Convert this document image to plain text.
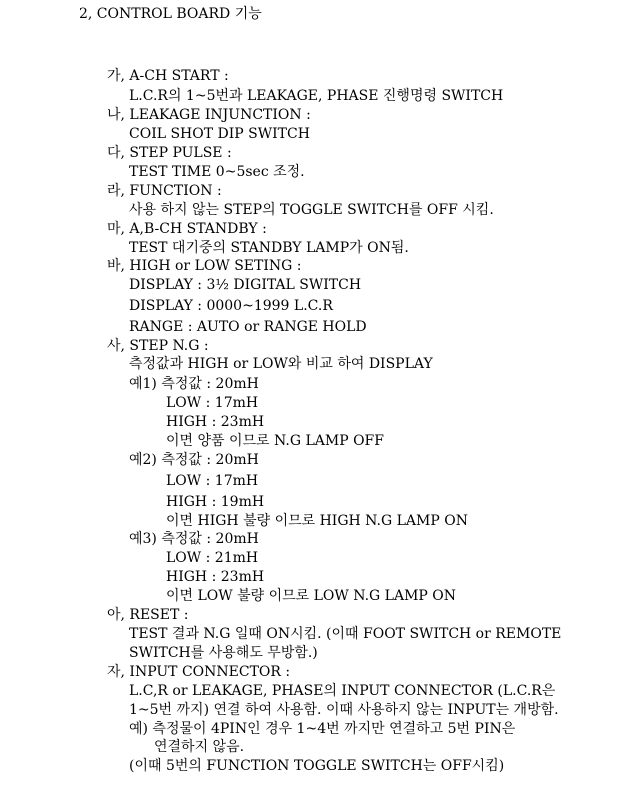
2, CONTROL BOARD 기능
가, A-CH START :
L.C.R의 1~5번과 LEAKAGE, PHASE 진행명령 SWITCH
나, LEAKAGE INJUNCTION :
COIL SHOT DIP SWITCH
다, STEP PULSE :
TEST TIME 0~5sec 조정.
라, FUNCTION :
사용 하지 않는 STEP의 TOGGLE SWITCH를 OFF 시킴.
마, A,B-CH STANDBY :
TEST 대기중의 STANDBY LAMP가 ON됨.
바, HIGH or LOW SETING :
DISPLAY : 3½ DIGITAL SWITCH
DISPLAY : 0000~1999 L.C.R
RANGE : AUTO or RANGE HOLD
사, STEP N.G :
측정값과 HIGH or LOW와 비교 하여 DISPLAY
예1) 측정값 : 20mH
LOW : 17mH
HIGH : 23mH
이면 양품 이므로 N.G LAMP OFF
예2) 측정값 : 20mH
LOW : 17mH
HIGH : 19mH
이면 HIGH 불량 이므로 HIGH N.G LAMP ON
예3) 측정값 : 20mH
LOW : 21mH
HIGH : 23mH
이면 LOW 불량 이므로 LOW N.G LAMP ON
아, RESET :
TEST 결과 N.G 일때 ON시킴. (이때 FOOT SWITCH or REMOTE
SWITCH를 사용해도 무방함.)
자, INPUT CONNECTOR :
L.C,R or LEAKAGE, PHASE의 INPUT CONNECTOR (L.C.R은
1~5번 까지) 연결 하여 사용함. 이때 사용하지 않는 INPUT는 개방함.
예) 측정물이 4PIN인 경우 1~4번 까지만 연결하고 5번 PIN은
연결하지 않음.
(이때 5번의 FUNCTION TOGGLE SWITCH는 OFF시킴)
